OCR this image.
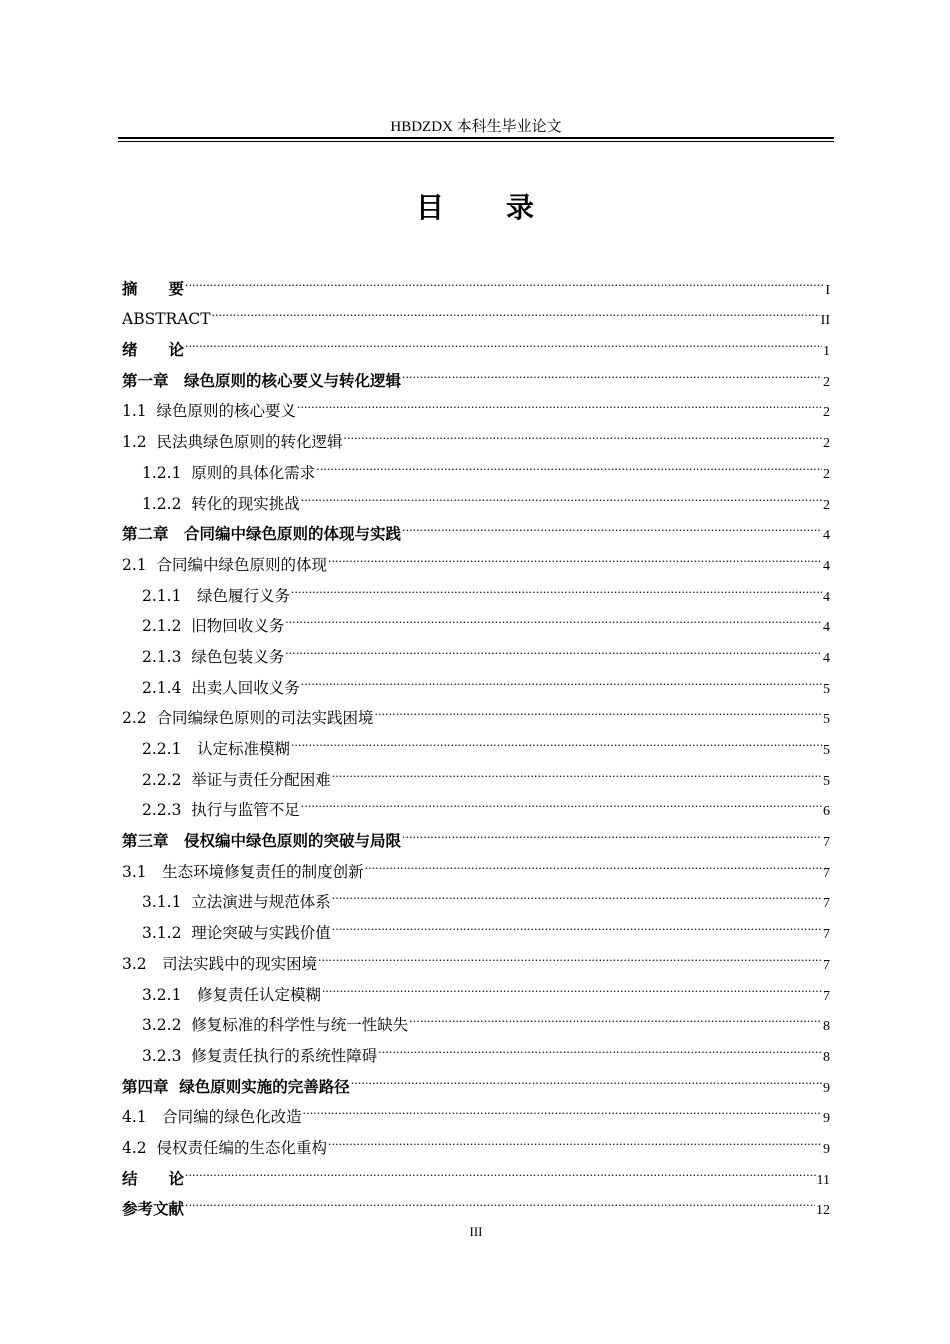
HBDZDX 本科生毕业论文
目　　录
摘　　要 .....	I
ABSTRACT .....	II
绪　　论 .....	1
第一章　绿色原则的核心要义与转化逻辑 .....	2
1.1  绿色原则的核心要义 .....	2
1.2  民法典绿色原则的转化逻辑 .....	2
1.2.1  原则的具体化需求 .....	2
1.2.2  转化的现实挑战 .....	2
第二章　合同编中绿色原则的体现与实践 .....	4
2.1  合同编中绿色原则的体现 .....	4
2.1.1　绿色履行义务 .....	4
2.1.2  旧物回收义务 .....	4
2.1.3  绿色包装义务 .....	4
2.1.4  出卖人回收义务 .....	5
2.2  合同编绿色原则的司法实践困境 .....	5
2.2.1　认定标准模糊 .....	5
2.2.2  举证与责任分配困难 .....	5
2.2.3  执行与监管不足 .....	6
第三章　侵权编中绿色原则的突破与局限 .....	7
3.1　生态环境修复责任的制度创新 .....	7
3.1.1  立法演进与规范体系 .....	7
3.1.2  理论突破与实践价值 .....	7
3.2　司法实践中的现实困境 .....	7
3.2.1　修复责任认定模糊 .....	7
3.2.2  修复标准的科学性与统一性缺失 .....	8
3.2.3  修复责任执行的系统性障碍 .....	8
第四章  绿色原则实施的完善路径 .....	9
4.1　合同编的绿色化改造 .....	9
4.2  侵权责任编的生态化重构 .....	9
结　　论 .....	11
参考文献 .....	12
III
